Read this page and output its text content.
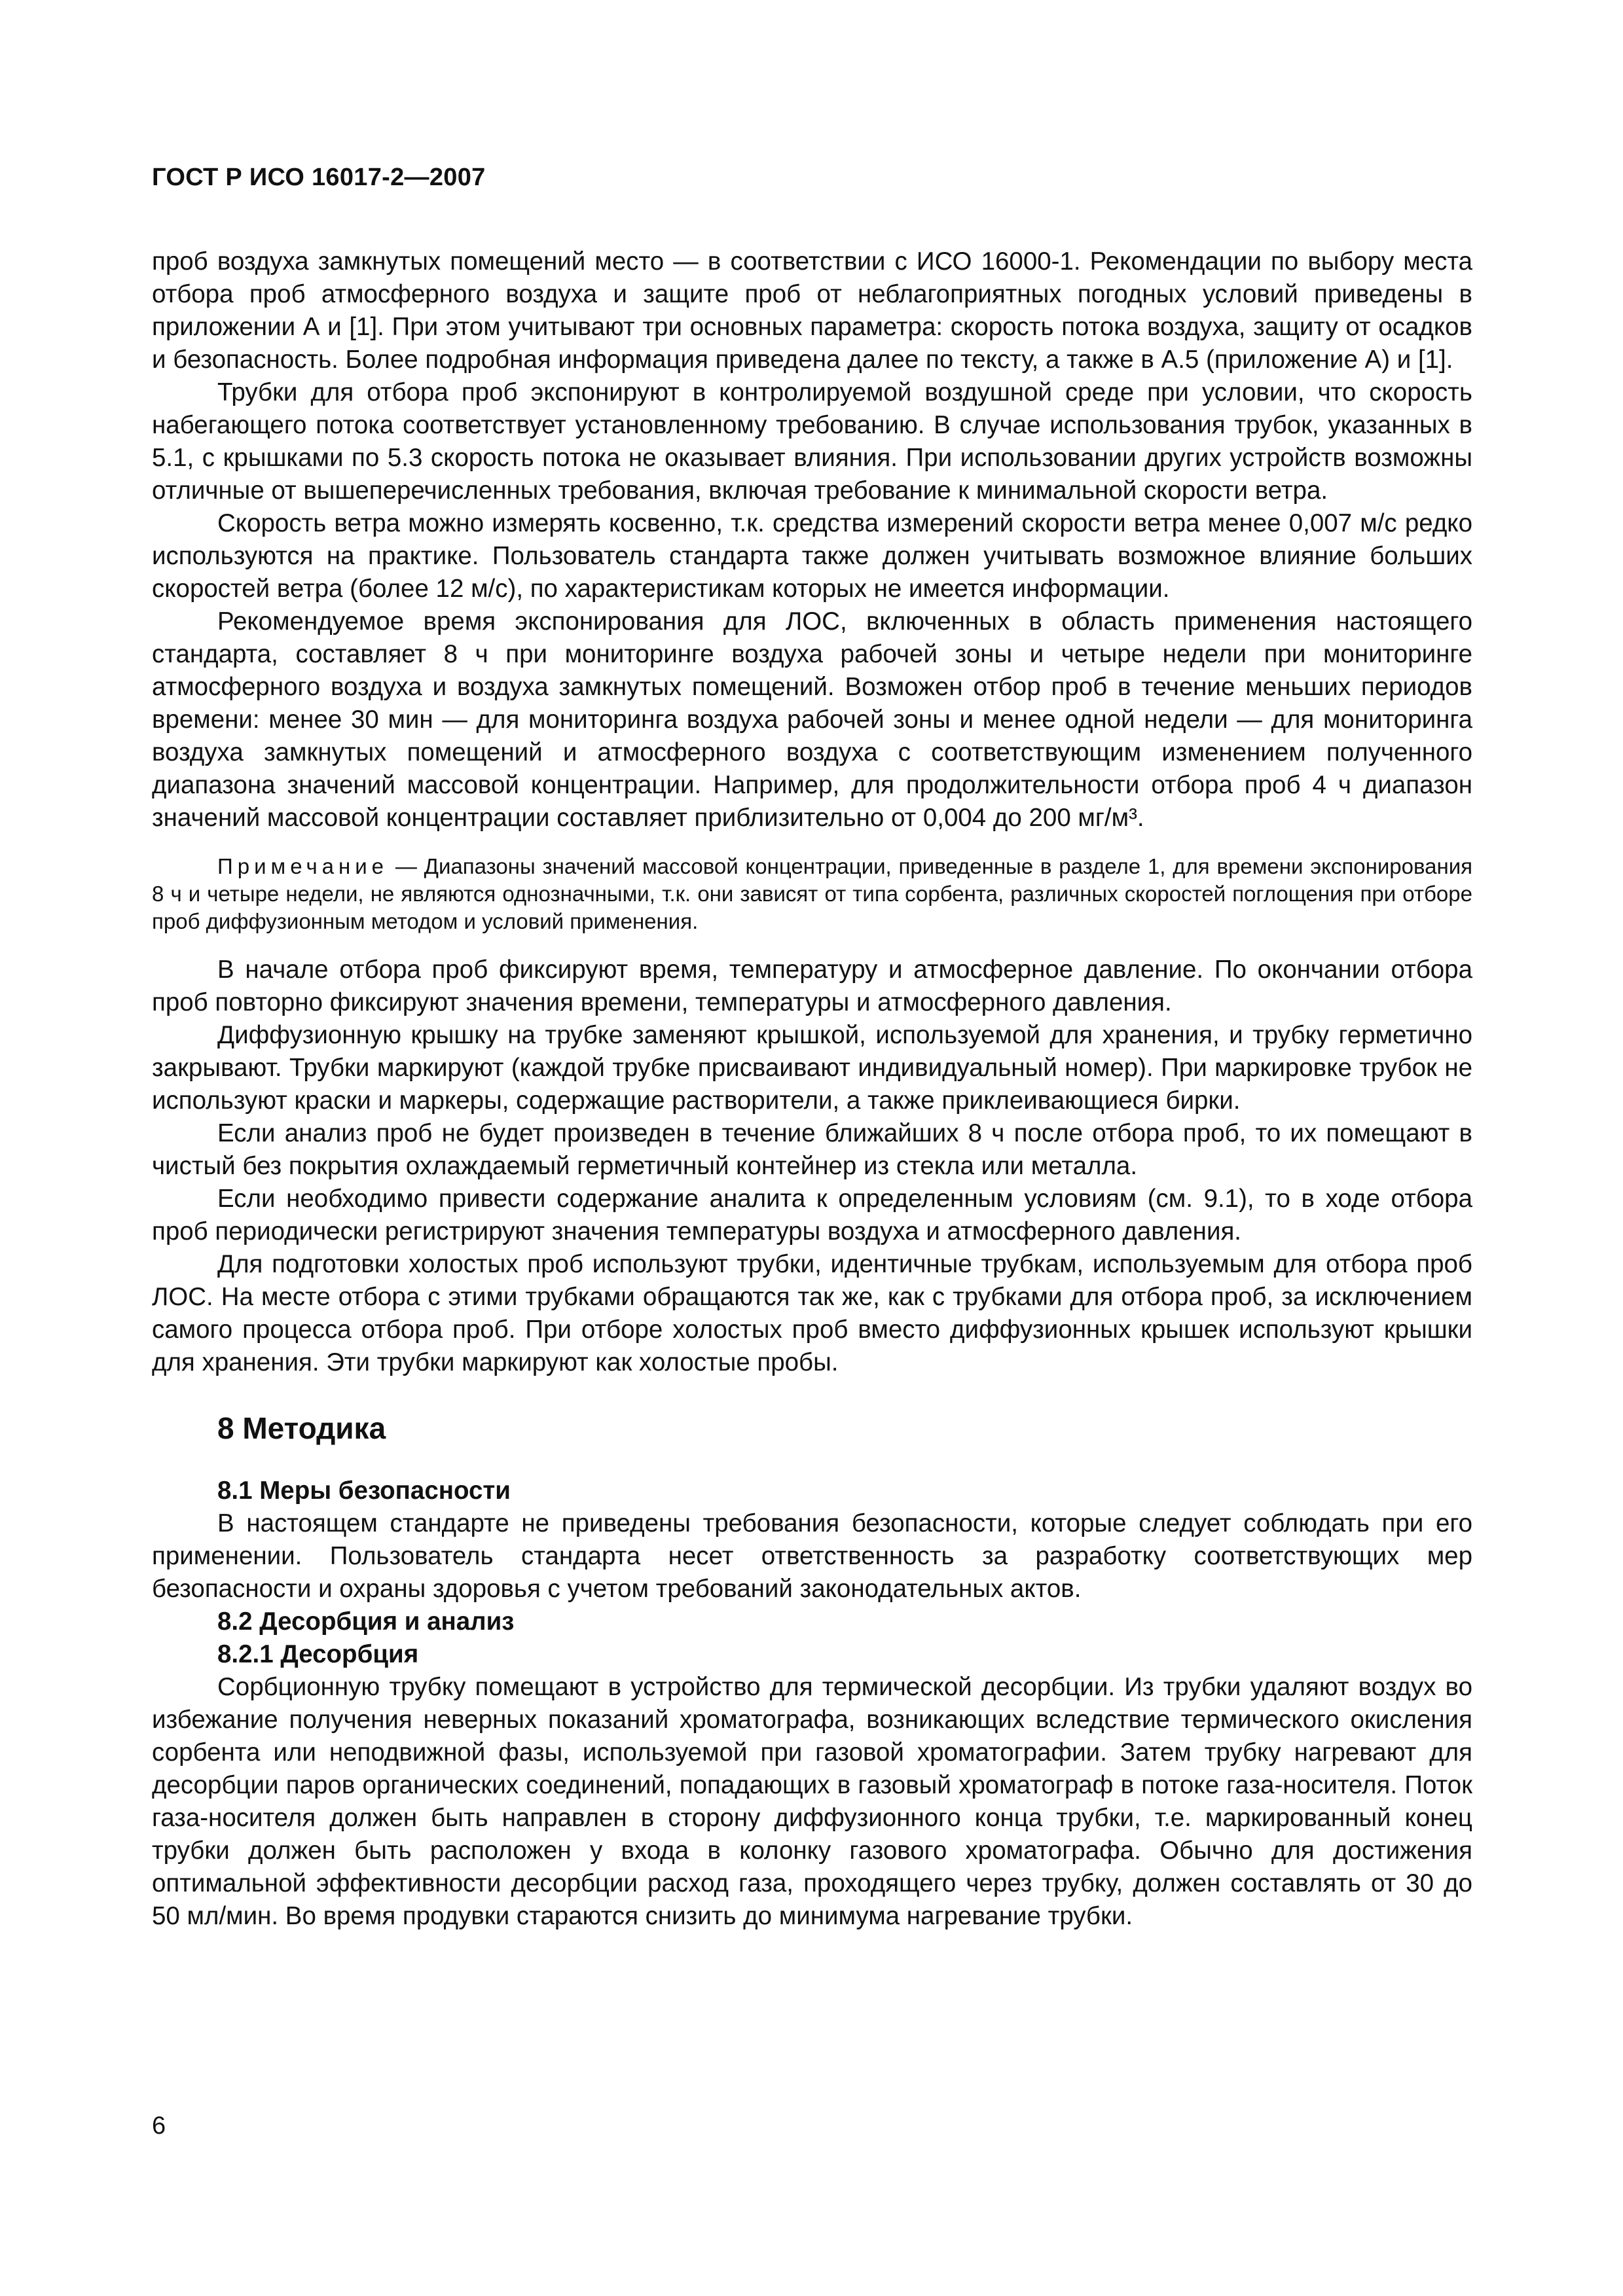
ГОСТ Р ИСО 16017-2—2007

проб воздуха замкнутых помещений место — в соответствии с ИСО 16000-1. Рекомендации по выбору места отбора проб атмосферного воздуха и защите проб от неблагоприятных погодных условий приведены в приложении А и [1]. При этом учитывают три основных параметра: скорость потока воздуха, защиту от осадков и безопасность. Более подробная информация приведена далее по тексту, а также в А.5 (приложение А) и [1].

Трубки для отбора проб экспонируют в контролируемой воздушной среде при условии, что скорость набегающего потока соответствует установленному требованию. В случае использования трубок, указанных в 5.1, с крышками по 5.3 скорость потока не оказывает влияния. При использовании других устройств возможны отличные от вышеперечисленных требования, включая требование к минимальной скорости ветра.

Скорость ветра можно измерять косвенно, т.к. средства измерений скорости ветра менее 0,007 м/с редко используются на практике. Пользователь стандарта также должен учитывать возможное влияние больших скоростей ветра (более 12 м/с), по характеристикам которых не имеется информации.

Рекомендуемое время экспонирования для ЛОС, включенных в область применения настоящего стандарта, составляет 8 ч при мониторинге воздуха рабочей зоны и четыре недели при мониторинге атмосферного воздуха и воздуха замкнутых помещений. Возможен отбор проб в течение меньших периодов времени: менее 30 мин — для мониторинга воздуха рабочей зоны и менее одной недели — для мониторинга воздуха замкнутых помещений и атмосферного воздуха с соответствующим изменением полученного диапазона значений массовой концентрации. Например, для продолжительности отбора проб 4 ч диапазон значений массовой концентрации составляет приблизительно от 0,004 до 200 мг/м³.

Примечание — Диапазоны значений массовой концентрации, приведенные в разделе 1, для времени экспонирования 8 ч и четыре недели, не являются однозначными, т.к. они зависят от типа сорбента, различных скоростей поглощения при отборе проб диффузионным методом и условий применения.

В начале отбора проб фиксируют время, температуру и атмосферное давление. По окончании отбора проб повторно фиксируют значения времени, температуры и атмосферного давления.

Диффузионную крышку на трубке заменяют крышкой, используемой для хранения, и трубку герметично закрывают. Трубки маркируют (каждой трубке присваивают индивидуальный номер). При маркировке трубок не используют краски и маркеры, содержащие растворители, а также приклеивающиеся бирки.

Если анализ проб не будет произведен в течение ближайших 8 ч после отбора проб, то их помещают в чистый без покрытия охлаждаемый герметичный контейнер из стекла или металла.

Если необходимо привести содержание аналита к определенным условиям (см. 9.1), то в ходе отбора проб периодически регистрируют значения температуры воздуха и атмосферного давления.

Для подготовки холостых проб используют трубки, идентичные трубкам, используемым для отбора проб ЛОС. На месте отбора с этими трубками обращаются так же, как с трубками для отбора проб, за исключением самого процесса отбора проб. При отборе холостых проб вместо диффузионных крышек используют крышки для хранения. Эти трубки маркируют как холостые пробы.

8 Методика

8.1 Меры безопасности

В настоящем стандарте не приведены требования безопасности, которые следует соблюдать при его применении. Пользователь стандарта несет ответственность за разработку соответствующих мер безопасности и охраны здоровья с учетом требований законодательных актов.

8.2 Десорбция и анализ

8.2.1 Десорбция

Сорбционную трубку помещают в устройство для термической десорбции. Из трубки удаляют воздух во избежание получения неверных показаний хроматографа, возникающих вследствие термического окисления сорбента или неподвижной фазы, используемой при газовой хроматографии. Затем трубку нагревают для десорбции паров органических соединений, попадающих в газовый хроматограф в потоке газа-носителя. Поток газа-носителя должен быть направлен в сторону диффузионного конца трубки, т.е. маркированный конец трубки должен быть расположен у входа в колонку газового хроматографа. Обычно для достижения оптимальной эффективности десорбции расход газа, проходящего через трубку, должен составлять от 30 до 50 мл/мин. Во время продувки стараются снизить до минимума нагревание трубки.

6
